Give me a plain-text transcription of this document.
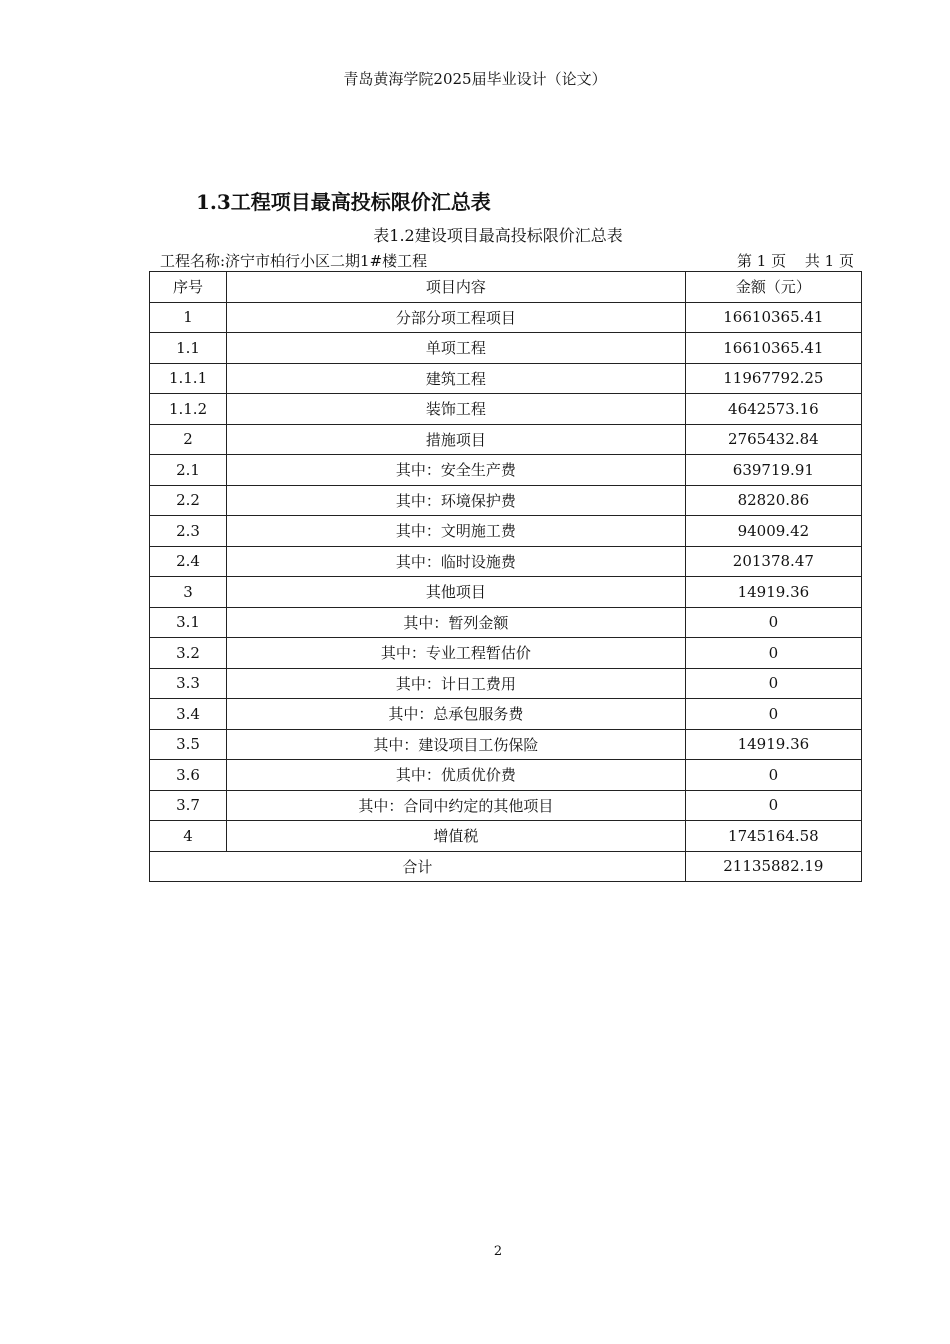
青岛黄海学院2025届毕业设计（论文）
1.3工程项目最高投标限价汇总表
表1.2建设项目最高投标限价汇总表
工程名称:济宁市柏行小区二期1#楼工程	第 1 页 共 1 页
序号	项目内容	金额（元）
1	分部分项工程项目	16610365.41
1.1	单项工程	16610365.41
1.1.1	建筑工程	11967792.25
1.1.2	装饰工程	4642573.16
2	措施项目	2765432.84
2.1	其中：安全生产费	639719.91
2.2	其中：环境保护费	82820.86
2.3	其中：文明施工费	94009.42
2.4	其中：临时设施费	201378.47
3	其他项目	14919.36
3.1	其中：暂列金额	0
3.2	其中：专业工程暂估价	0
3.3	其中：计日工费用	0
3.4	其中：总承包服务费	0
3.5	其中：建设项目工伤保险	14919.36
3.6	其中：优质优价费	0
3.7	其中：合同中约定的其他项目	0
4	增值税	1745164.58
合计		21135882.19
2
